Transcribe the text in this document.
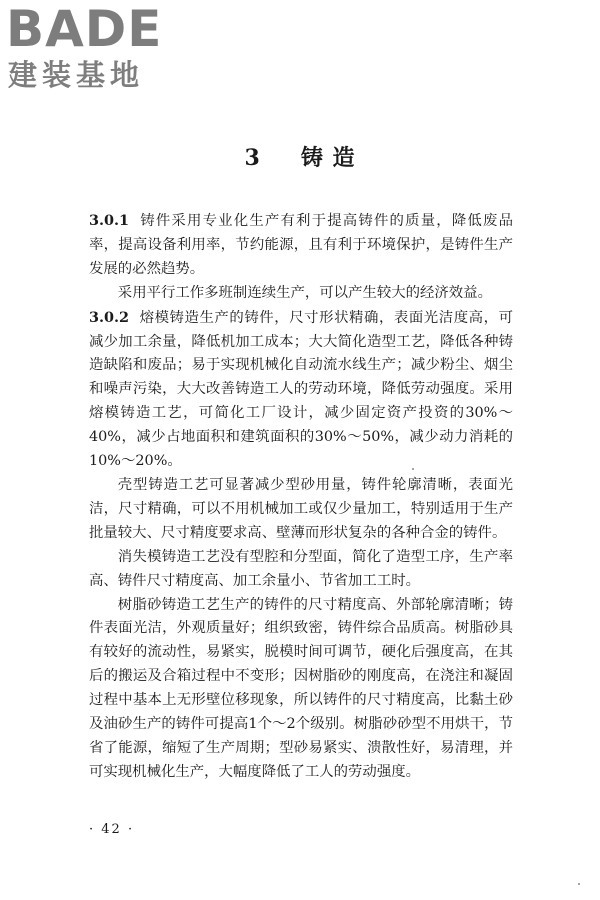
BADE
建装基地
3 铸 造

3.0.1 铸件采用专业化生产有利于提高铸件的质量，降低废品率，提高设备利用率，节约能源，且有利于环境保护，是铸件生产发展的必然趋势。

采用平行工作多班制连续生产，可以产生较大的经济效益。

3.0.2 熔模铸造生产的铸件，尺寸形状精确，表面光洁度高，可减少加工余量，降低机加工成本；大大简化造型工艺，降低各种铸造缺陷和废品；易于实现机械化自动流水线生产；减少粉尘、烟尘和噪声污染，大大改善铸造工人的劳动环境，降低劳动强度。采用熔模铸造工艺，可简化工厂设计，减少固定资产投资的30%～40%，减少占地面积和建筑面积的30%～50%，减少动力消耗的10%～20%。

壳型铸造工艺可显著减少型砂用量，铸件轮廓清晰，表面光洁，尺寸精确，可以不用机械加工或仅少量加工，特别适用于生产批量较大、尺寸精度要求高、壁薄而形状复杂的各种合金的铸件。

消失模铸造工艺没有型腔和分型面，简化了造型工序，生产率高、铸件尺寸精度高、加工余量小、节省加工工时。

树脂砂铸造工艺生产的铸件的尺寸精度高、外部轮廓清晰；铸件表面光洁，外观质量好；组织致密，铸件综合品质高。树脂砂具有较好的流动性，易紧实，脱模时间可调节，硬化后强度高，在其后的搬运及合箱过程中不变形；因树脂砂的刚度高，在浇注和凝固过程中基本上无形壁位移现象，所以铸件的尺寸精度高，比黏土砂及油砂生产的铸件可提高1个～2个级别。树脂砂砂型不用烘干，节省了能源，缩短了生产周期；型砂易紧实、溃散性好，易清理，并可实现机械化生产，大幅度降低了工人的劳动强度。

· 42 ·
